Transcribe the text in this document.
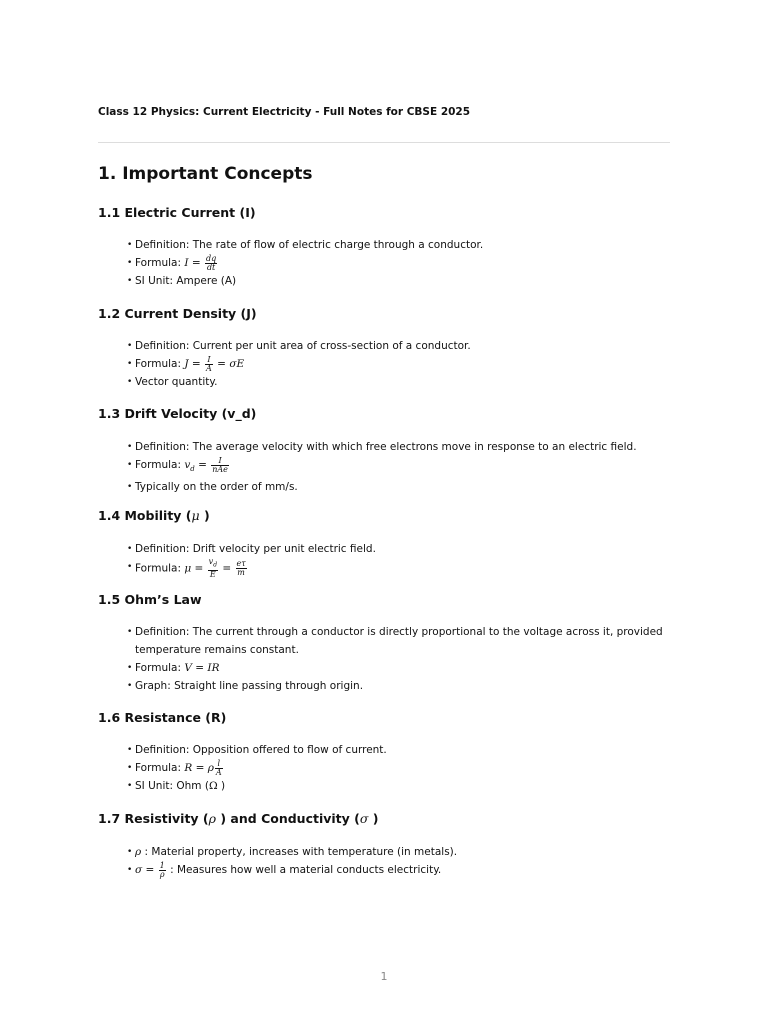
Class 12 Physics: Current Electricity - Full Notes for CBSE 2025
1. Important Concepts
1.1 Electric Current (I)
• Definition: The rate of flow of electric charge through a conductor.
• Formula: $I = \frac{dq}{dt}$
• SI Unit: Ampere (A)
1.2 Current Density (J)
• Definition: Current per unit area of cross-section of a conductor.
• Formula: $J = \frac{I}{A} = \sigma E$
• Vector quantity.
1.3 Drift Velocity (v_d)
• Definition: The average velocity with which free electrons move in response to an electric field.
• Formula: $v_d = \frac{I}{\text{nAe}}$
• Typically on the order of mm/s.
1.4 Mobility (μ )
• Definition: Drift velocity per unit electric field.
• Formula: $\mu = \frac{v_d}{E} = \frac{e\tau}{m}$
1.5 Ohm’s Law
• Definition: The current through a conductor is directly proportional to the voltage across it, provided temperature remains constant.
• Formula: V = IR
• Graph: Straight line passing through origin.
1.6 Resistance (R)
• Definition: Opposition offered to flow of current.
• Formula: R = ρ $\frac{l}{A}$
• SI Unit: Ohm (Ω )
1.7 Resistivity (ρ ) and Conductivity (σ )
• ρ : Material property, increases with temperature (in metals).
• $\sigma = \frac{1}{\rho}$ : Measures how well a material conducts electricity.
1
